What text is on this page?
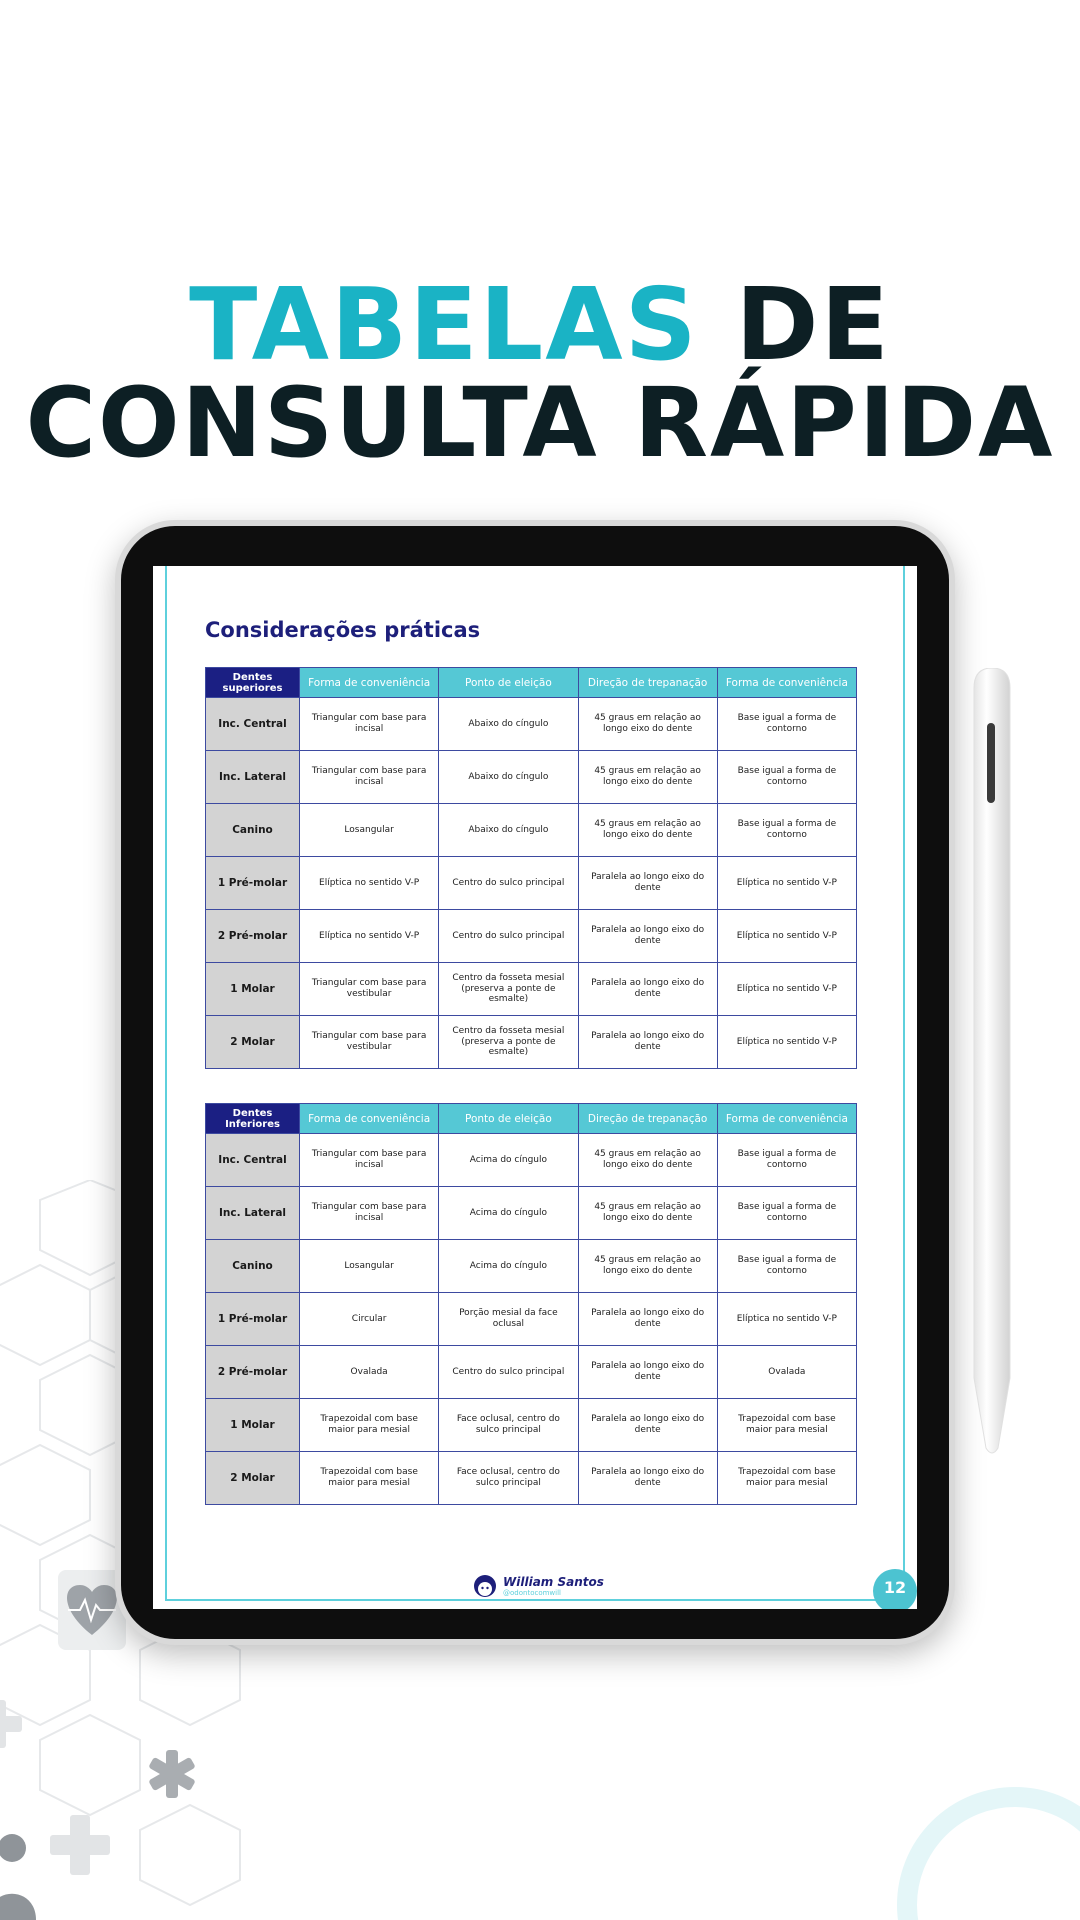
TABELAS DE
CONSULTA RÁPIDA
Considerações práticas
Dentes superiores	Forma de conveniência	Ponto de eleição	Direção de trepanação	Forma de conveniência
Inc. Central	Triangular com base para incisal	Abaixo do cíngulo	45 graus em relação ao longo eixo do dente	Base igual a forma de contorno
Inc. Lateral	Triangular com base para incisal	Abaixo do cíngulo	45 graus em relação ao longo eixo do dente	Base igual a forma de contorno
Canino	Losangular	Abaixo do cíngulo	45 graus em relação ao longo eixo do dente	Base igual a forma de contorno
1 Pré-molar	Elíptica no sentido V-P	Centro do sulco principal	Paralela ao longo eixo do dente	Elíptica no sentido V-P
2 Pré-molar	Elíptica no sentido V-P	Centro do sulco principal	Paralela ao longo eixo do dente	Elíptica no sentido V-P
1 Molar	Triangular com base para vestibular	Centro da fosseta mesial (preserva a ponte de esmalte)	Paralela ao longo eixo do dente	Elíptica no sentido V-P
2 Molar	Triangular com base para vestibular	Centro da fosseta mesial (preserva a ponte de esmalte)	Paralela ao longo eixo do dente	Elíptica no sentido V-P
Dentes Inferiores	Forma de conveniência	Ponto de eleição	Direção de trepanação	Forma de conveniência
Inc. Central	Triangular com base para incisal	Acima do cíngulo	45 graus em relação ao longo eixo do dente	Base igual a forma de contorno
Inc. Lateral	Triangular com base para incisal	Acima do cíngulo	45 graus em relação ao longo eixo do dente	Base igual a forma de contorno
Canino	Losangular	Acima do cíngulo	45 graus em relação ao longo eixo do dente	Base igual a forma de contorno
1 Pré-molar	Circular	Porção mesial da face oclusal	Paralela ao longo eixo do dente	Elíptica no sentido V-P
2 Pré-molar	Ovalada	Centro do sulco principal	Paralela ao longo eixo do dente	Ovalada
1 Molar	Trapezoidal com base maior para mesial	Face oclusal, centro do sulco principal	Paralela ao longo eixo do dente	Trapezoidal com base maior para mesial
2 Molar	Trapezoidal com base maior para mesial	Face oclusal, centro do sulco principal	Paralela ao longo eixo do dente	Trapezoidal com base maior para mesial
William Santos
@odontocomwill	12
